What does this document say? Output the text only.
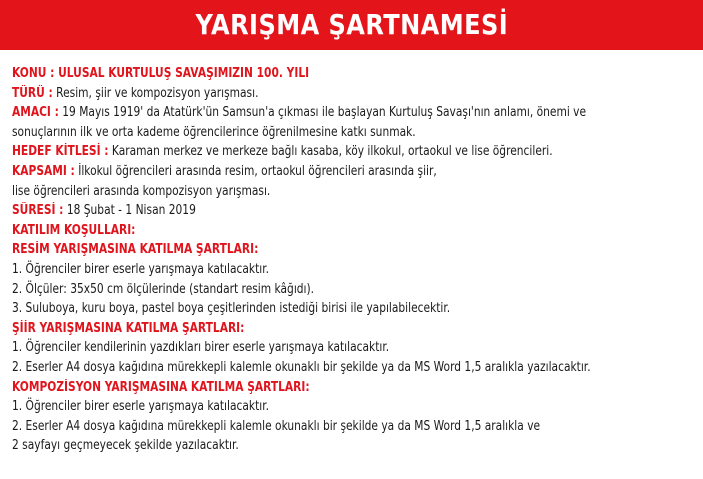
YARIŞMA ŞARTNAMESİ
KONU : ULUSAL KURTULUŞ SAVAŞIMIZIN 100. YILI
TÜRÜ : Resim, şiir ve kompozisyon yarışması.
AMACI : 19 Mayıs 1919' da Atatürk'ün Samsun'a çıkması ile başlayan Kurtuluş Savaşı'nın anlamı, önemi ve
sonuçlarının ilk ve orta kademe öğrencilerince öğrenilmesine katkı sunmak.
HEDEF KİTLESİ : Karaman merkez ve merkeze bağlı kasaba, köy ilkokul, ortaokul ve lise öğrencileri.
KAPSAMI : İlkokul öğrencileri arasında resim, ortaokul öğrencileri arasında şiir,
lise öğrencileri arasında kompozisyon yarışması.
SÜRESİ : 18 Şubat - 1 Nisan 2019
KATILIM KOŞULLARI:
RESİM YARIŞMASINA KATILMA ŞARTLARI:
1. Öğrenciler birer eserle yarışmaya katılacaktır.
2. Ölçüler: 35x50 cm ölçülerinde (standart resim kâğıdı).
3. Suluboya, kuru boya, pastel boya çeşitlerinden istediği birisi ile yapılabilecektir.
ŞİİR YARIŞMASINA KATILMA ŞARTLARI:
1. Öğrenciler kendilerinin yazdıkları birer eserle yarışmaya katılacaktır.
2. Eserler A4 dosya kağıdına mürekkepli kalemle okunaklı bir şekilde ya da MS Word 1,5 aralıkla yazılacaktır.
KOMPOZİSYON YARIŞMASINA KATILMA ŞARTLARI:
1. Öğrenciler birer eserle yarışmaya katılacaktır.
2. Eserler A4 dosya kağıdına mürekkepli kalemle okunaklı bir şekilde ya da MS Word 1,5 aralıkla ve
2 sayfayı geçmeyecek şekilde yazılacaktır.
